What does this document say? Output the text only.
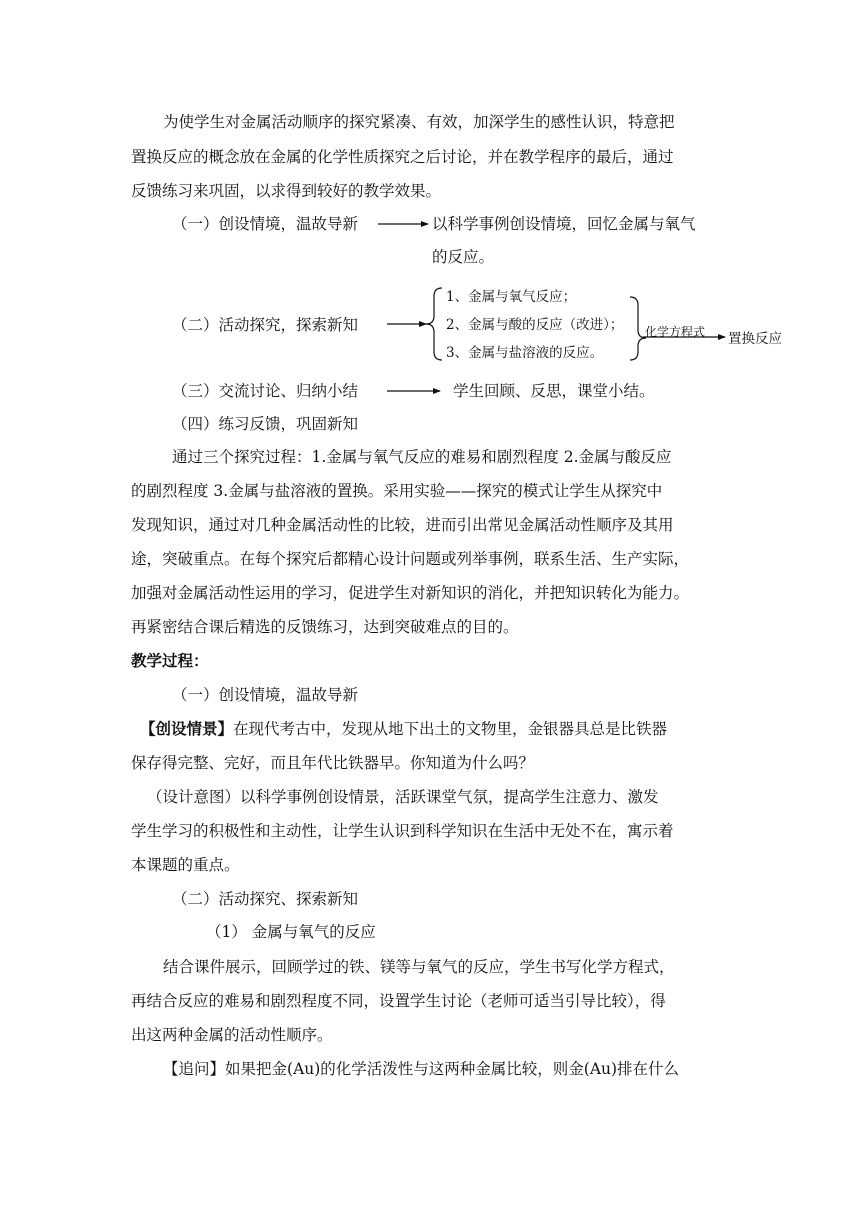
为使学生对金属活动顺序的探究紧凑、有效，加深学生的感性认识，特意把
置换反应的概念放在金属的化学性质探究之后讨论，并在教学程序的最后，通过
反馈练习来巩固，以求得到较好的教学效果。
（一）创设情境，温故导新	以科学事例创设情境，回忆金属与氧气
的反应。
（二）活动探究，探索新知
1、金属与氧气反应；
2、金属与酸的反应（改进）；
3、金属与盐溶液的反应。
化学方程式 置换反应
（三）交流讨论、归纳小结	学生回顾、反思，课堂小结。
（四）练习反馈，巩固新知
通过三个探究过程：1.金属与氧气反应的难易和剧烈程度 2.金属与酸反应
的剧烈程度 3.金属与盐溶液的置换。采用实验——探究的模式让学生从探究中
发现知识，通过对几种金属活动性的比较，进而引出常见金属活动性顺序及其用
途，突破重点。在每个探究后都精心设计问题或列举事例，联系生活、生产实际，
加强对金属活动性运用的学习，促进学生对新知识的消化，并把知识转化为能力。
再紧密结合课后精选的反馈练习，达到突破难点的目的。
教学过程：
（一）创设情境，温故导新
【创设情景】在现代考古中，发现从地下出土的文物里，金银器具总是比铁器
保存得完整、完好，而且年代比铁器早。你知道为什么吗？
（设计意图）以科学事例创设情景，活跃课堂气氛，提高学生注意力、激发
学生学习的积极性和主动性，让学生认识到科学知识在生活中无处不在，寓示着
本课题的重点。
（二）活动探究、探索新知
（1） 金属与氧气的反应
结合课件展示，回顾学过的铁、镁等与氧气的反应，学生书写化学方程式，
再结合反应的难易和剧烈程度不同，设置学生讨论（老师可适当引导比较），得
出这两种金属的活动性顺序。
【追问】如果把金(Au)的化学活泼性与这两种金属比较，则金(Au)排在什么
